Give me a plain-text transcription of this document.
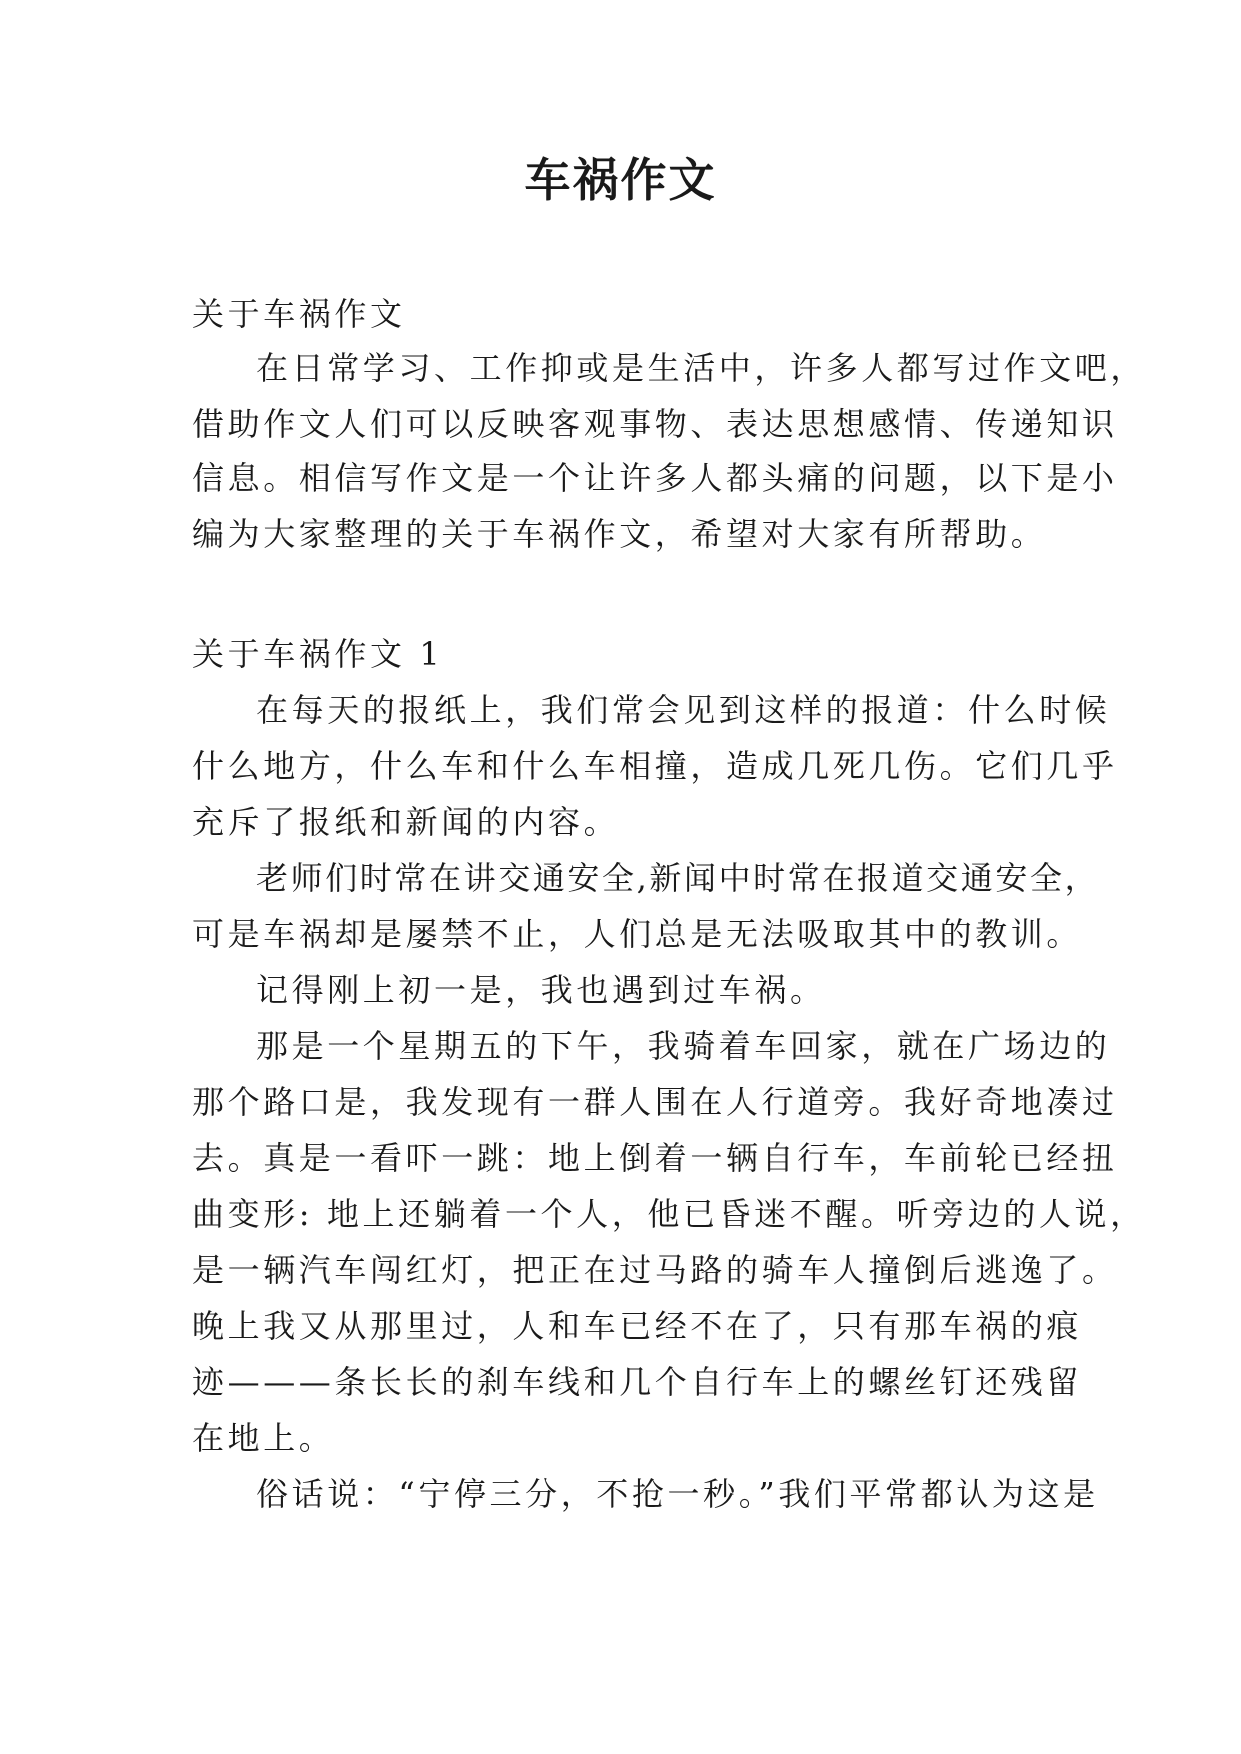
车祸作文

关于车祸作文

在日常学习、工作抑或是生活中，许多人都写过作文吧，

借助作文人们可以反映客观事物、表达思想感情、传递知识

信息。相信写作文是一个让许多人都头痛的问题，以下是小

编为大家整理的关于车祸作文，希望对大家有所帮助。

关于车祸作文 1

在每天的报纸上，我们常会见到这样的报道：什么时候

什么地方，什么车和什么车相撞，造成几死几伤。它们几乎

充斥了报纸和新闻的内容。

老师们时常在讲交通安全,新闻中时常在报道交通安全，

可是车祸却是屡禁不止，人们总是无法吸取其中的教训。

记得刚上初一是，我也遇到过车祸。

那是一个星期五的下午，我骑着车回家，就在广场边的

那个路口是，我发现有一群人围在人行道旁。我好奇地凑过

去。真是一看吓一跳：地上倒着一辆自行车，车前轮已经扭

曲变形: 地上还躺着一个人，他已昏迷不醒。听旁边的人说，

是一辆汽车闯红灯，把正在过马路的骑车人撞倒后逃逸了。

晚上我又从那里过，人和车已经不在了，只有那车祸的痕

迹———条长长的刹车线和几个自行车上的螺丝钉还残留

在地上。

俗话说：“宁停三分，不抢一秒。”我们平常都认为这是
